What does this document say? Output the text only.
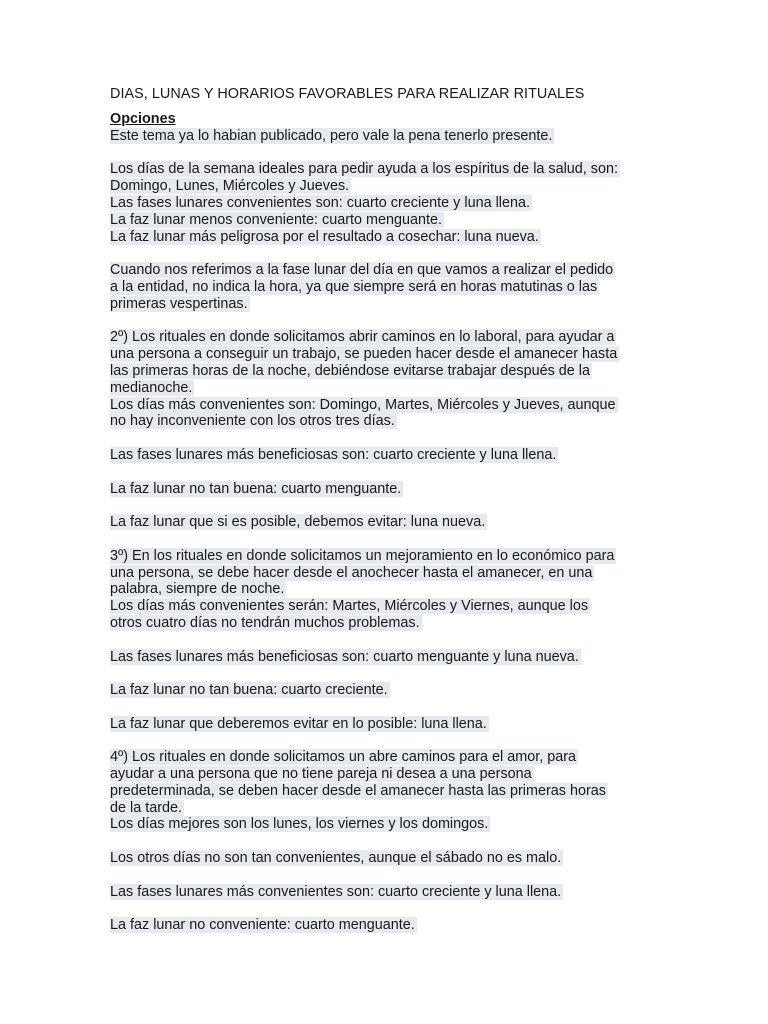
DIAS, LUNAS Y HORARIOS FAVORABLES PARA REALIZAR RITUALES
Opciones
Este tema ya lo habian publicado, pero vale la pena tenerlo presente.
Los días de la semana ideales para pedir ayuda a los espíritus de la salud, son:
Domingo, Lunes, Miércoles y Jueves.
Las fases lunares convenientes son: cuarto creciente y luna llena.
La faz lunar menos conveniente: cuarto menguante.
La faz lunar más peligrosa por el resultado a cosechar: luna nueva.
Cuando nos referimos a la fase lunar del día en que vamos a realizar el pedido
a la entidad, no indica la hora, ya que siempre será en horas matutinas o las
primeras vespertinas.
2º) Los rituales en donde solicitamos abrir caminos en lo laboral, para ayudar a
una persona a conseguir un trabajo, se pueden hacer desde el amanecer hasta
las primeras horas de la noche, debiéndose evitarse trabajar después de la
medianoche.
Los días más convenientes son: Domingo, Martes, Miércoles y Jueves, aunque
no hay inconveniente con los otros tres días.
Las fases lunares más beneficiosas son: cuarto creciente y luna llena.
La faz lunar no tan buena: cuarto menguante.
La faz lunar que si es posible, debemos evitar: luna nueva.
3º) En los rituales en donde solicitamos un mejoramiento en lo económico para
una persona, se debe hacer desde el anochecer hasta el amanecer, en una
palabra, siempre de noche.
Los días más convenientes serán: Martes, Miércoles y Viernes, aunque los
otros cuatro días no tendrán muchos problemas.
Las fases lunares más beneficiosas son: cuarto menguante y luna nueva.
La faz lunar no tan buena: cuarto creciente.
La faz lunar que deberemos evitar en lo posible: luna llena.
4º) Los rituales en donde solicitamos un abre caminos para el amor, para
ayudar a una persona que no tiene pareja ni desea a una persona
predeterminada, se deben hacer desde el amanecer hasta las primeras horas
de la tarde.
Los días mejores son los lunes, los viernes y los domingos.
Los otros días no son tan convenientes, aunque el sábado no es malo.
Las fases lunares más convenientes son: cuarto creciente y luna llena.
La faz lunar no conveniente: cuarto menguante.
